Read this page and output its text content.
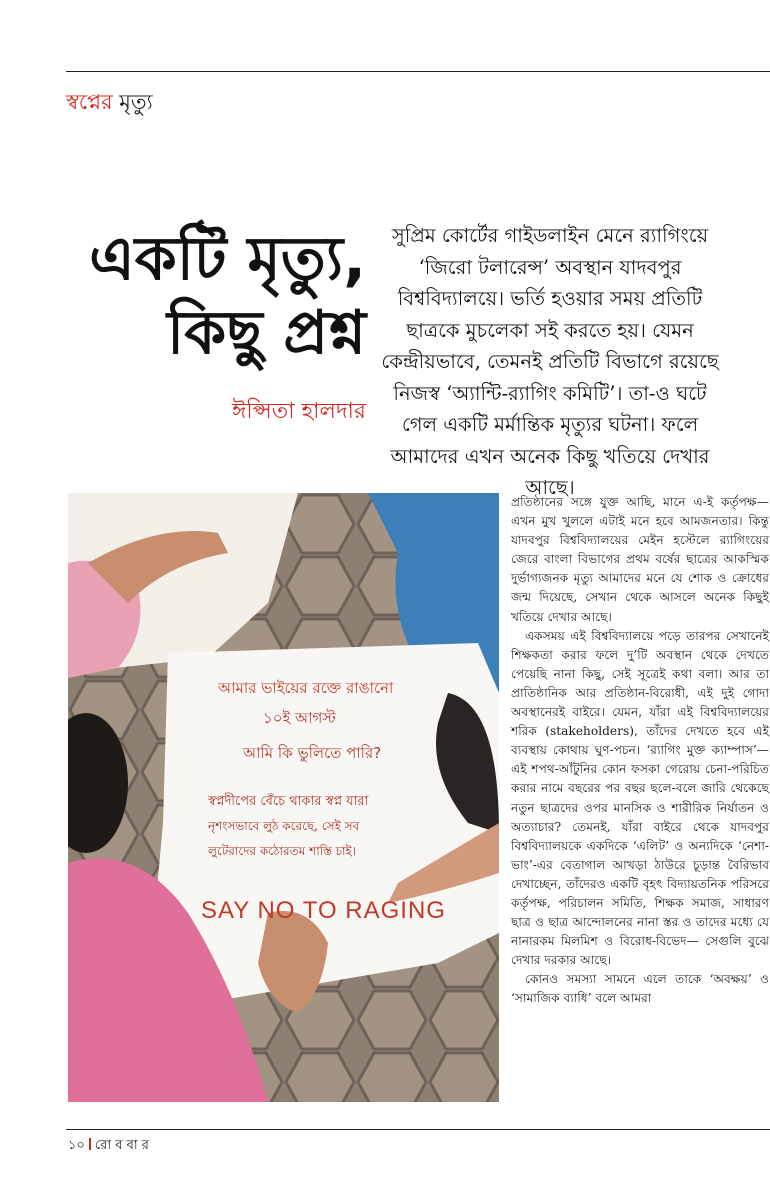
স্বপ্নের মৃত্যু
একটি মৃত্যু,
কিছু প্রশ্ন
ঈপ্সিতা হালদার
সুপ্রিম কোর্টের গাইডলাইন মেনে র‍্যাগিংয়ে ‘জিরো টলারেন্স’ অবস্থান যাদবপুর বিশ্ববিদ্যালয়ে। ভর্তি হওয়ার সময় প্রতিটি ছাত্রকে মুচলেকা সই করতে হয়। যেমন কেন্দ্রীয়ভাবে, তেমনই প্রতিটি বিভাগে রয়েছে নিজস্ব ‘অ্যান্টি-র‍্যাগিং কমিটি’। তা-ও ঘটে গেল একটি মর্মান্তিক মৃত্যুর ঘটনা। ফলে আমাদের এখন অনেক কিছু খতিয়ে দেখার আছে।
আমার ভাইয়ের রক্তে রাঙানো
১০ই আগস্ট
আমি কি ভুলিতে পারি?
স্বপ্নদীপের বেঁচে থাকার স্বপ্ন যারা
নৃশংসভাবে লুঠ করেছে, সেই সব
লুটেরাদের কঠোরতম শাস্তি চাই।
SAY NO TO RAGING

প্রতিষ্ঠানের সঙ্গে যুক্ত আছি, মানে এ-ই কর্তৃপক্ষ— এখন মুখ খুললে এটাই মনে হবে আমজনতার। কিন্তু যাদবপুর বিশ্ববিদ্যালয়ের মেইন হস্টেলে র‍্যাগিংয়ের জেরে বাংলা বিভাগের প্রথম বর্ষের ছাত্রের আকস্মিক দুর্ভাগ্যজনক মৃত্যু আমাদের মনে যে শোক ও ক্রোধের জন্ম দিয়েছে, সেখান থেকে আসলে অনেক কিছুই খতিয়ে দেখার আছে।

একসময় এই বিশ্ববিদ্যালয়ে পড়ে তারপর সেখানেই শিক্ষকতা করার ফলে দু’টি অবস্থান থেকে দেখতে পেয়েছি নানা কিছু, সেই সূত্রেই কথা বলা। আর তা প্রাতিষ্ঠানিক আর প্রতিষ্ঠান-বিরোধী, এই দুই গোদা অবস্থানেরই বাইরে। যেমন, যাঁরা এই বিশ্ববিদ্যালয়ের শরিক (stakeholders), তাঁদের দেখতে হবে এই ব্যবস্থায় কোথায় ঘুণ-পচন। ‘র‍্যাগিং মুক্ত ক্যাম্পাস’— এই শপথ-আঁটুনির কোন ফসকা গেরোয় চেনা-পরিচিত করার নামে বছরের পর বছর ছলে-বলে জারি থেকেছে নতুন ছাত্রদের ওপর মানসিক ও শারীরিক নির্যাতন ও অত্যাচার? তেমনই, যাঁরা বাইরে থেকে যাদবপুর বিশ্ববিদ্যালয়কে একদিকে ‘এলিট’ ও অন্যদিকে ‘নেশা-ভাং’-এর বেতাগাল আখড়া ঠাউরে চূড়ান্ত বৈরিভাব দেখাচ্ছেন, তাঁদেরও একটি বৃহৎ বিদ্যায়তনিক পরিসরে কর্তৃপক্ষ, পরিচালন সমিতি, শিক্ষক সমাজ, সাধারণ ছাত্র ও ছাত্র আন্দোলনের নানা স্তর ও তাদের মধ্যে যে নানারকম মিলমিশ ও বিরোধ-বিভেদ— সেগুলি বুঝে দেখার দরকার আছে।

কোনও সমস্যা সামনে এলে তাকে ‘অবক্ষয়’ ও ‘সামাজিক ব্যাধি’ বলে আমরা

১০ রো ব বা র
